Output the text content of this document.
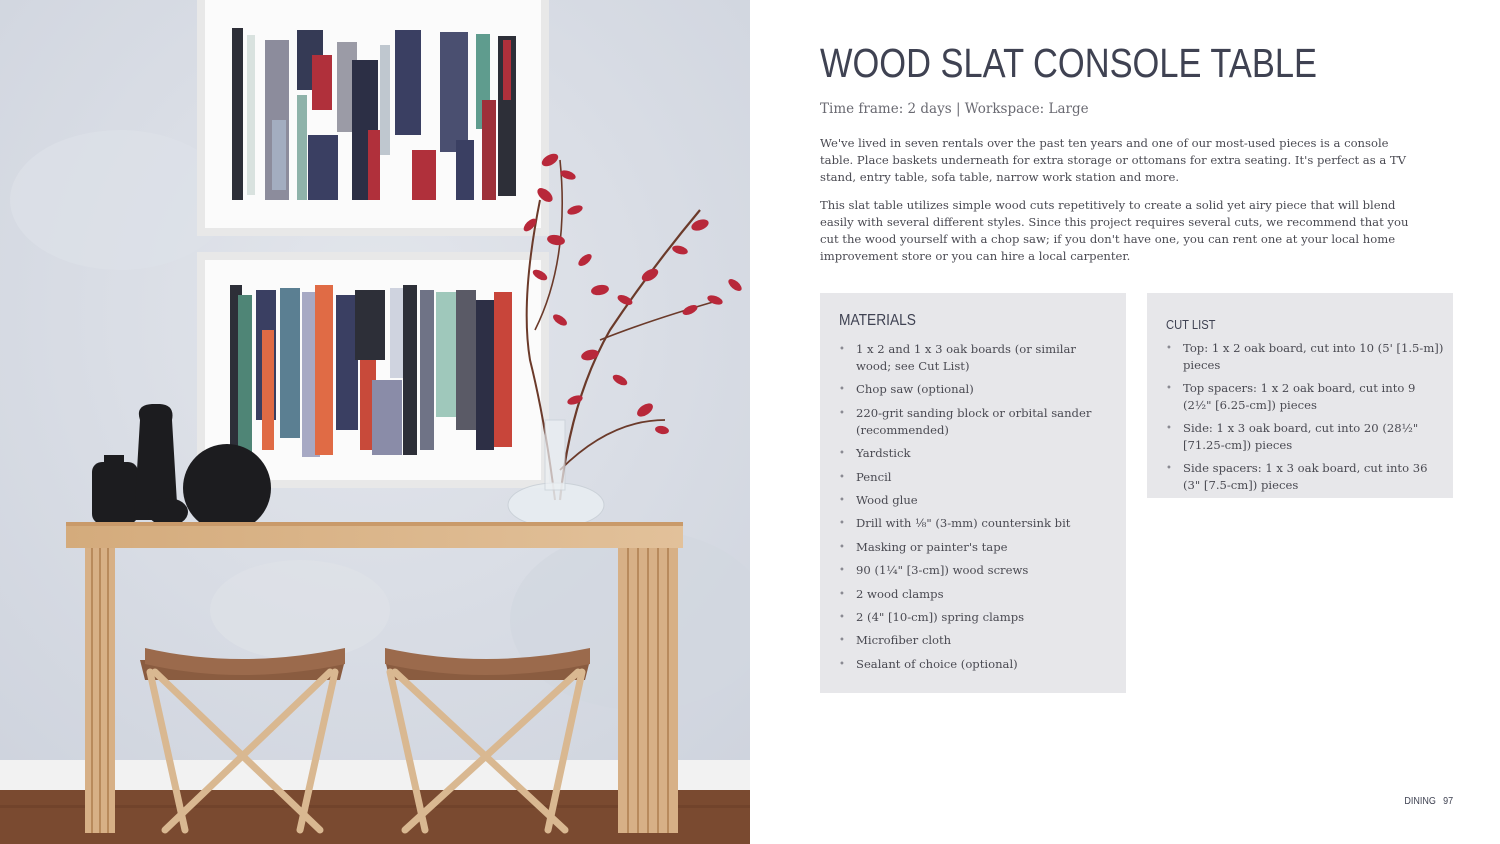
WOOD SLAT CONSOLE TABLE
Time frame: 2 days | Workspace: Large

We've lived in seven rentals over the past ten years and one of our most-used pieces is a console table. Place baskets underneath for extra storage or ottomans for extra seating. It's perfect as a TV stand, entry table, sofa table, narrow work station and more.

This slat table utilizes simple wood cuts repetitively to create a solid yet airy piece that will blend easily with several different styles. Since this project requires several cuts, we recommend that you cut the wood yourself with a chop saw; if you don't have one, you can rent one at your local home improvement store or you can hire a local carpenter.

MATERIALS
• 1 x 2 and 1 x 3 oak boards (or similar wood; see Cut List)
• Chop saw (optional)
• 220-grit sanding block or orbital sander (recommended)
• Yardstick
• Pencil
• Wood glue
• Drill with ⅛" (3-mm) countersink bit
• Masking or painter's tape
• 90 (1¼" [3-cm]) wood screws
• 2 wood clamps
• 2 (4" [10-cm]) spring clamps
• Microfiber cloth
• Sealant of choice (optional)
CUT LIST
• Top: 1 x 2 oak board, cut into 10 (5' [1.5-m]) pieces
• Top spacers: 1 x 2 oak board, cut into 9 (2½" [6.25-cm]) pieces
• Side: 1 x 3 oak board, cut into 20 (28½" [71.25-cm]) pieces
• Side spacers: 1 x 3 oak board, cut into 36 (3" [7.5-cm]) pieces
DINING 97
